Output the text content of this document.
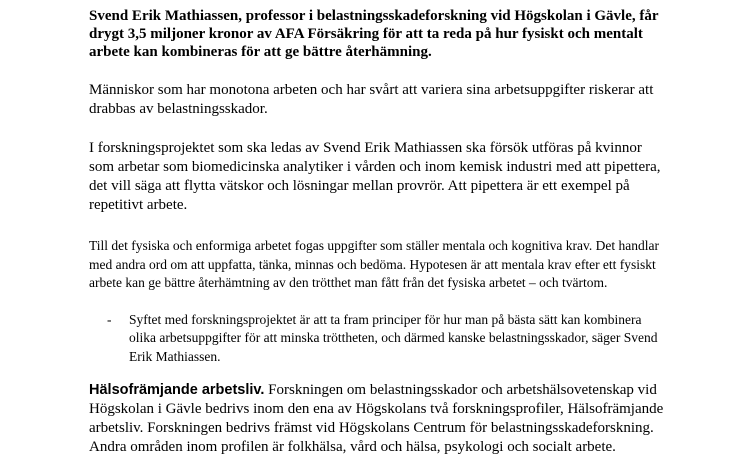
Svend Erik Mathiassen, professor i belastningsskadeforskning vid Högskolan i Gävle, får drygt 3,5 miljoner kronor av AFA Försäkring för att ta reda på hur fysiskt och mentalt arbete kan kombineras för att ge bättre återhämning.

Människor som har monotona arbeten och har svårt att variera sina arbetsuppgifter riskerar att drabbas av belastningsskador.

I forskningsprojektet som ska ledas av Svend Erik Mathiassen ska försök utföras på kvinnor som arbetar som biomedicinska analytiker i vården och inom kemisk industri med att pipettera, det vill säga att flytta vätskor och lösningar mellan provrör. Att pipettera är ett exempel på repetitivt arbete.

Till det fysiska och enformiga arbetet fogas uppgifter som ställer mentala och kognitiva krav. Det handlar med andra ord om att uppfatta, tänka, minnas och bedöma. Hypotesen är att mentala krav efter ett fysiskt arbete kan ge bättre återhämtning av den trötthet man fått från det fysiska arbetet – och tvärtom.

-	Syftet med forskningsprojektet är att ta fram principer för hur man på bästa sätt kan kombinera olika arbetsuppgifter för att minska tröttheten, och därmed kanske belastningsskador, säger Svend Erik Mathiassen.

Hälsofrämjande arbetsliv. Forskningen om belastningsskador och arbetshälsovetenskap vid Högskolan i Gävle bedrivs inom den ena av Högskolans två forskningsprofiler, Hälsofrämjande arbetsliv. Forskningen bedrivs främst vid Högskolans Centrum för belastningsskadeforskning. Andra områden inom profilen är folkhälsa, vård och hälsa, psykologi och socialt arbete.
